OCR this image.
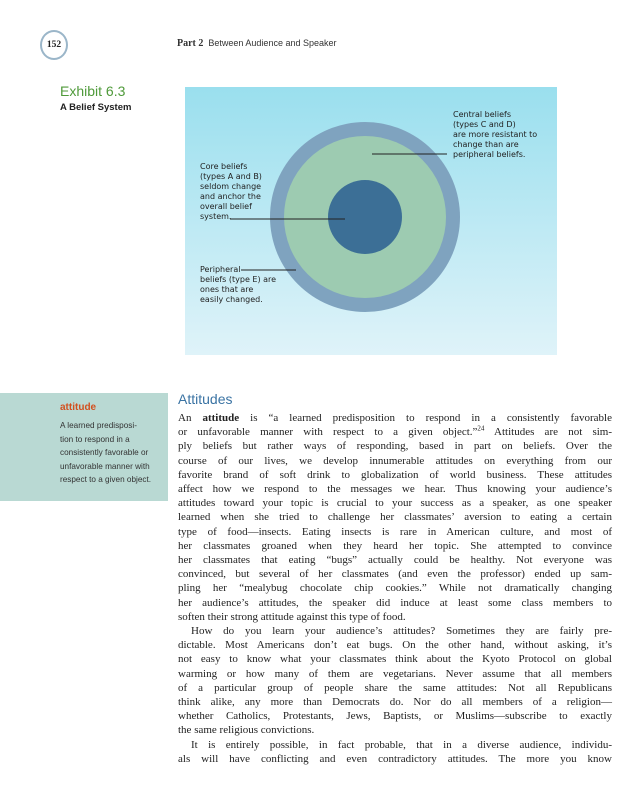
152	Part 2 Between Audience and Speaker
Exhibit 6.3
A Belief System
Central beliefs
(types C and D)
are more resistant to
change than are
peripheral beliefs.
Core beliefs
(types A and B)
seldom change
and anchor the
overall belief
system.
Peripheral
beliefs (type E) are
ones that are
easily changed.
Attitudes
attitude
A learned predisposi-
tion to respond in a
consistently favorable or
unfavorable manner with
respect to a given object.
An attitude is “a learned predisposition to respond in a consistently favorable
or unfavorable manner with respect to a given object.”$^{24}$ Attitudes are not sim-
ply beliefs but rather ways of responding, based in part on beliefs. Over the
course of our lives, we develop innumerable attitudes on everything from our
favorite brand of soft drink to globalization of world business. These attitudes
affect how we respond to the messages we hear. Thus knowing your audience’s
attitudes toward your topic is crucial to your success as a speaker, as one speaker
learned when she tried to challenge her classmates’ aversion to eating a certain
type of food—insects. Eating insects is rare in American culture, and most of
her classmates groaned when they heard her topic. She attempted to convince
her classmates that eating “bugs” actually could be healthy. Not everyone was
convinced, but several of her classmates (and even the professor) ended up sam-
pling her “mealybug chocolate chip cookies.” While not dramatically changing
her audience’s attitudes, the speaker did induce at least some class members to
soften their strong attitude against this type of food.
How do you learn your audience’s attitudes? Sometimes they are fairly pre-
dictable. Most Americans don’t eat bugs. On the other hand, without asking, it’s
not easy to know what your classmates think about the Kyoto Protocol on global
warming or how many of them are vegetarians. Never assume that all members
of a particular group of people share the same attitudes: Not all Republicans
think alike, any more than Democrats do. Nor do all members of a religion—
whether Catholics, Protestants, Jews, Baptists, or Muslims—subscribe to exactly
the same religious convictions.
It is entirely possible, in fact probable, that in a diverse audience, individu-
als will have conflicting and even contradictory attitudes. The more you know
